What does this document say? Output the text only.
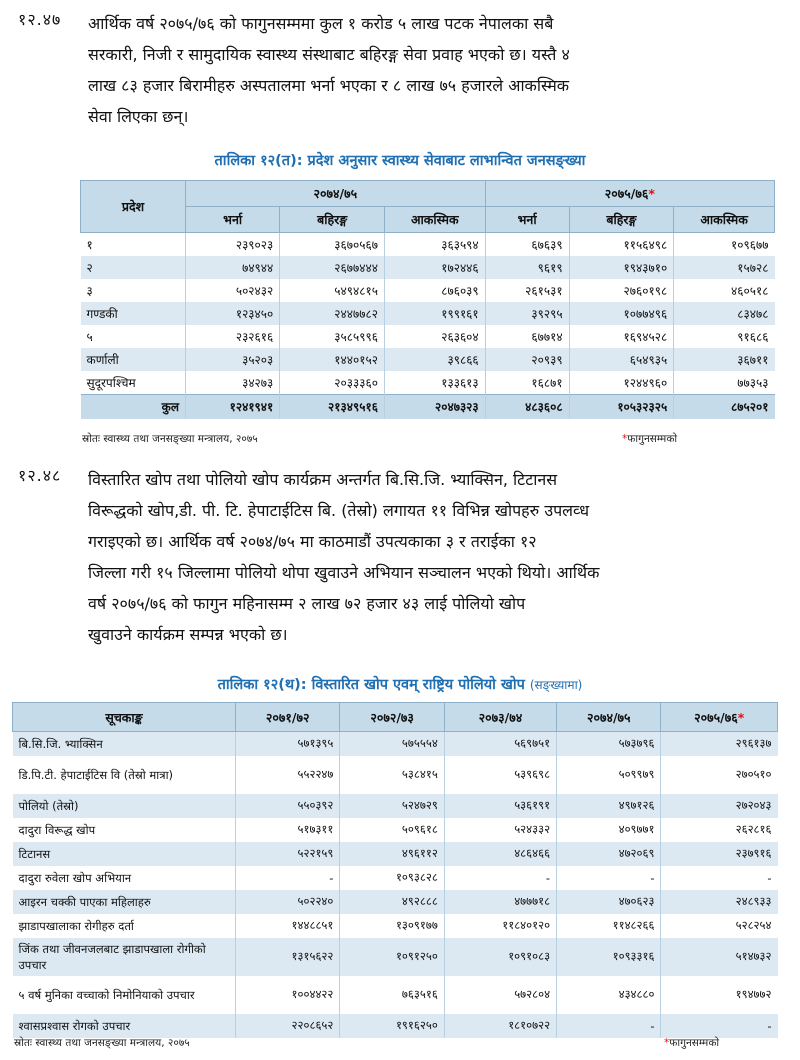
१२.४७ आर्थिक वर्ष २०७५/७६ को फागुनसम्ममा कुल १ करोड ५ लाख पटक नेपालका सबै
सरकारी, निजी र सामुदायिक स्वास्थ्य संस्थाबाट बहिरङ्ग सेवा प्रवाह भएको छ। यस्तै ४
लाख ८३ हजार बिरामीहरु अस्पतालमा भर्ना भएका र ८ लाख ७५ हजारले आकस्मिक
सेवा लिएका छन्।
तालिका १२(त): प्रदेश अनुसार स्वास्थ्य सेवाबाट लाभान्वित जनसङ्ख्या
प्रदेश	२०७४/७५			२०७५/७६*		
	भर्ना	बहिरङ्ग	आकस्मिक	भर्ना	बहिरङ्ग	आकस्मिक
१	२३९०२३	३६७०५६७	३६३५९४	६७६३९	११५६४९८	१०९६७७
२	७४९४४	२६७७४४४	१७२४४६	९६१९	१९४३७१०	१५७२८
३	५०२४३२	५४९४८१५	८७६०३९	२६१५३१	२७६०१९८	४६०५१८
गण्डकी	१२३४५०	२४४७७८२	१९९१६१	३९२९५	१०७७४९६	८३४७८
५	२३२६१६	३५८५९९६	२६३६०४	६७७१४	१६९४५२८	९१६८६
कर्णाली	३५२०३	१४४०१५२	३९८६६	२०९३९	६५४९३५	३६७११
सुदूरपश्चिम	३४२७३	२०३३३६०	१३३६१३	१६८७१	१२४४९६०	७७३५३
कुल	१२४१९४१	२१३४९५१६	२०४७३२३	४८३६०८	१०५३२३२५	८७५२०१
स्रोतः स्वास्थ्य तथा जनसङ्ख्या मन्त्रालय, २०७५	*फागुनसम्मको
१२.४८ विस्तारित खोप तथा पोलियो खोप कार्यक्रम अन्तर्गत बि.सि.जि. भ्याक्सिन, टिटानस
विरूद्धको खोप,डी. पी. टि. हेपाटाईटिस बि. (तेस्रो) लगायत ११ विभिन्न खोपहरु उपलव्ध
गराइएको छ। आर्थिक वर्ष २०७४/७५ मा काठमाडौं उपत्यकाका ३ र तराईका १२
जिल्ला गरी १५ जिल्लामा पोलियो थोपा खुवाउने अभियान सञ्चालन भएको थियो। आर्थिक
वर्ष २०७५/७६ को फागुन महिनासम्म २ लाख ७२ हजार ४३ लाई पोलियो खोप
खुवाउने कार्यक्रम सम्पन्न भएको छ।
तालिका १२(थ): विस्तारित खोप एवम् राष्ट्रिय पोलियो खोप (सङ्ख्यामा)
सूचकाङ्क	२०७१/७२	२०७२/७३	२०७३/७४	२०७४/७५	२०७५/७६*
बि.सि.जि. भ्याक्सिन	५७१३९५	५७५५५४	५६९७५१	५७३७९६	२९६१३७
डि.पि.टी. हेपाटाईटिस वि (तेस्रो मात्रा)	५५२२४७	५३८४१५	५३९६९८	५०९९७९	२७०५१०
पोलियो (तेस्रो)	५५०३९२	५२४७२९	५३६१९१	४९७१२६	२७२०४३
दादुरा विरूद्ध खोप	५१७३११	५०९६१८	५२४३३२	४०९७७१	२६२८१६
टिटानस	५२२१५९	४९६११२	४८६४६६	४७२०६९	२३७९१६
दादुरा रुवेला खोप अभियान	-	१०९३८२८	-	-	-
आइरन चक्की पाएका महिलाहरु	५०२२४०	४९२८८८	४७७७१८	४७०६२३	२४८९३३
झाडापखालाका रोगीहरु दर्ता	१४४८८५१	१३०९१७७	११८४०१२०	११४८२६६	५२८२५४
जिंक तथा जीवनजलबाट झाडापखाला रोगीको उपचार	१३१५६२२	१०९१२५०	१०९१०८३	१०९३३१६	५१४७३२
५ वर्ष मुनिका वच्चाको निमोनियाको उपचार	१००४४२२	७६३५१६	५७२८०४	४३४८८०	१९४७७२
श्वासप्रश्वास रोगको उपचार	२२०८६५२	१९१६२५०	१८१०७२२	-	-
स्रोतः स्वास्थ्य तथा जनसङ्ख्या मन्त्रालय, २०७५	*फागुनसम्मको
